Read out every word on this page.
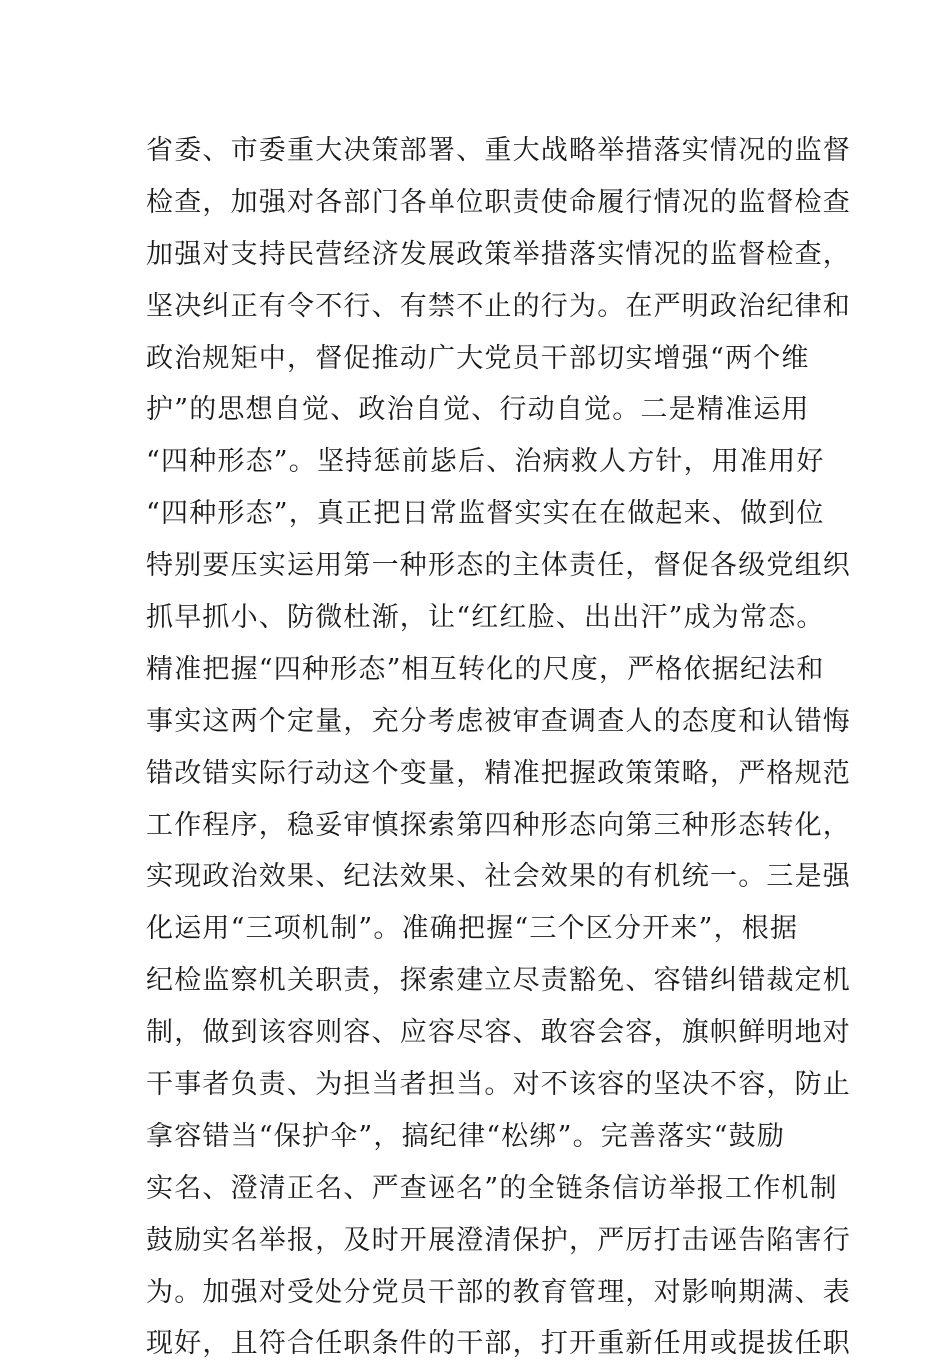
省委、市委重大决策部署、重大战略举措落实情况的监督
检查，加强对各部门各单位职责使命履行情况的监督检查
加强对支持民营经济发展政策举措落实情况的监督检查，
坚决纠正有令不行、有禁不止的行为。在严明政治纪律和
政治规矩中，督促推动广大党员干部切实增强“两个维
护”的思想自觉、政治自觉、行动自觉。二是精准运用
“四种形态”。坚持惩前毖后、治病救人方针，用准用好
“四种形态”，真正把日常监督实实在在做起来、做到位
特别要压实运用第一种形态的主体责任，督促各级党组织
抓早抓小、防微杜渐，让“红红脸、出出汗”成为常态。
精准把握“四种形态”相互转化的尺度，严格依据纪法和
事实这两个定量，充分考虑被审查调查人的态度和认错悔
错改错实际行动这个变量，精准把握政策策略，严格规范
工作程序，稳妥审慎探索第四种形态向第三种形态转化，
实现政治效果、纪法效果、社会效果的有机统一。三是强
化运用“三项机制”。准确把握“三个区分开来”，根据
纪检监察机关职责，探索建立尽责豁免、容错纠错裁定机
制，做到该容则容、应容尽容、敢容会容，旗帜鲜明地对
干事者负责、为担当者担当。对不该容的坚决不容，防止
拿容错当“保护伞”，搞纪律“松绑”。完善落实“鼓励
实名、澄清正名、严查诬名”的全链条信访举报工作机制
鼓励实名举报，及时开展澄清保护，严厉打击诬告陷害行
为。加强对受处分党员干部的教育管理，对影响期满、表
现好，且符合任职条件的干部，打开重新任用或提拔任职
